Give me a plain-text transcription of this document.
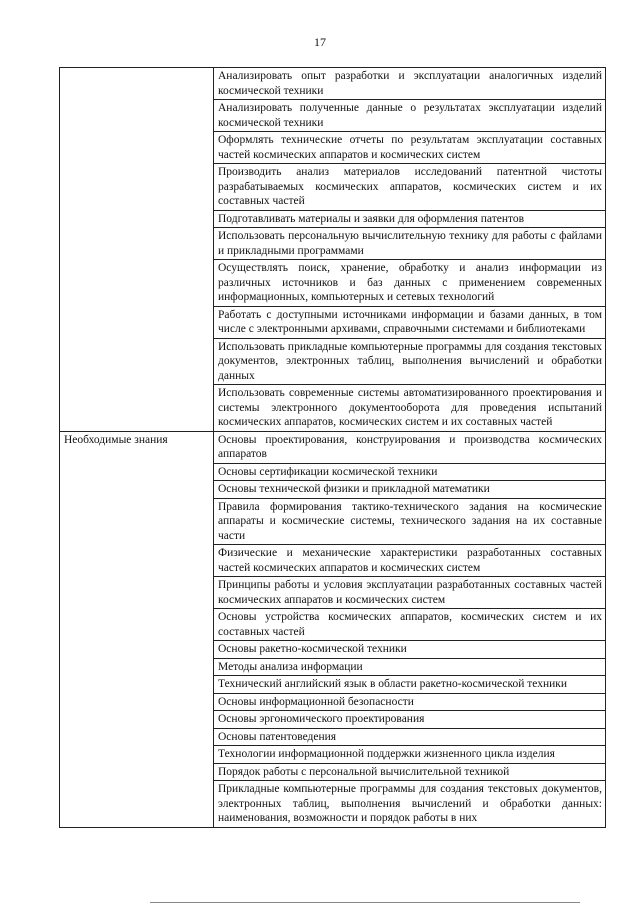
17
	Анализировать опыт разработки и эксплуатации аналогичных изделий космической техники
	Анализировать полученные данные о результатах эксплуатации изделий космической техники
	Оформлять технические отчеты по результатам эксплуатации составных частей космических аппаратов и космических систем
	Производить анализ материалов исследований патентной чистоты разрабатываемых космических аппаратов, космических систем и их составных частей
	Подготавливать материалы и заявки для оформления патентов
	Использовать персональную вычислительную технику для работы с файлами и прикладными программами
	Осуществлять поиск, хранение, обработку и анализ информации из различных источников и баз данных с применением современных информационных, компьютерных и сетевых технологий
	Работать с доступными источниками информации и базами данных, в том числе с электронными архивами, справочными системами и библиотеками
	Использовать прикладные компьютерные программы для создания текстовых документов, электронных таблиц, выполнения вычислений и обработки данных
	Использовать современные системы автоматизированного проектирования и системы электронного документооборота для проведения испытаний космических аппаратов, космических систем и их составных частей
Необходимые знания	Основы проектирования, конструирования и производства космических аппаратов
	Основы сертификации космической техники
	Основы технической физики и прикладной математики
	Правила формирования тактико-технического задания на космические аппараты и космические системы, технического задания на их составные части
	Физические и механические характеристики разработанных составных частей космических аппаратов и космических систем
	Принципы работы и условия эксплуатации разработанных составных частей космических аппаратов и космических систем
	Основы устройства космических аппаратов, космических систем и их составных частей
	Основы ракетно-космической техники
	Методы анализа информации
	Технический английский язык в области ракетно-космической техники
	Основы информационной безопасности
	Основы эргономического проектирования
	Основы патентоведения
	Технологии информационной поддержки жизненного цикла изделия
	Порядок работы с персональной вычислительной техникой
	Прикладные компьютерные программы для создания текстовых документов, электронных таблиц, выполнения вычислений и обработки данных: наименования, возможности и порядок работы в них
